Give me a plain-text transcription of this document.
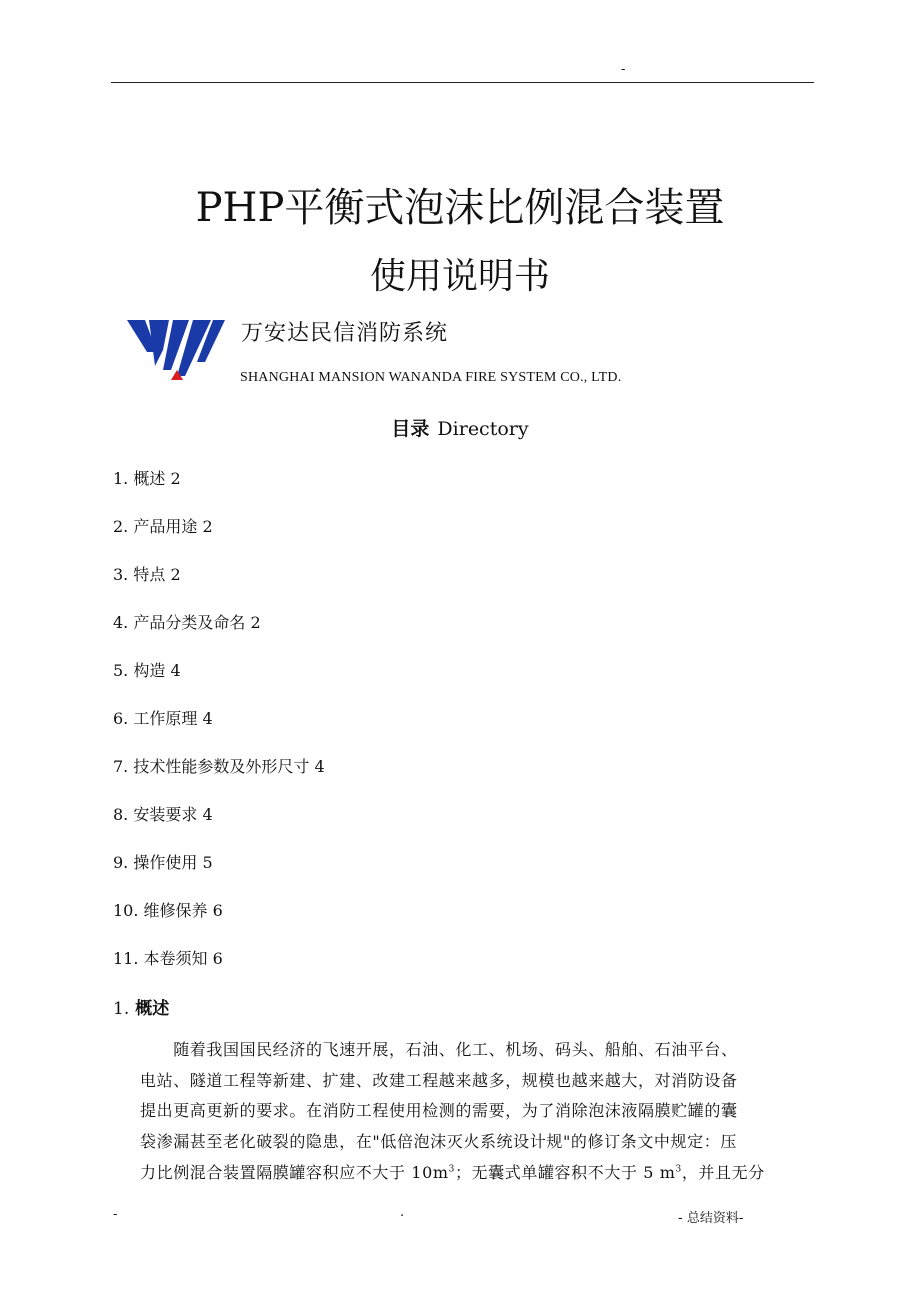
-
PHP平衡式泡沫比例混合装置
使用说明书
万安达民信消防系统
SHANGHAI MANSION WANANDA FIRE SYSTEM CO., LTD.
目录 Directory
1. 概述 2
2. 产品用途 2
3. 特点 2
4. 产品分类及命名 2
5. 构造 4
6. 工作原理 4
7. 技术性能参数及外形尺寸 4
8. 安装要求 4
9. 操作使用 5
10. 维修保养 6
11. 本卷须知 6
1. 概述
　　随着我国国民经济的飞速开展，石油、化工、机场、码头、船舶、石油平台、
电站、隧道工程等新建、扩建、改建工程越来越多，规模也越来越大，对消防设备
提出更高更新的要求。在消防工程使用检测的需要，为了消除泡沫液隔膜贮罐的囊
袋渗漏甚至老化破裂的隐患，在"低倍泡沫灭火系统设计规"的修订条文中规定：压
力比例混合装置隔膜罐容积应不大于 $10m^3$；无囊式单罐容积不大于 5 $m^3$，并且无分
-	.	- 总结资料-
